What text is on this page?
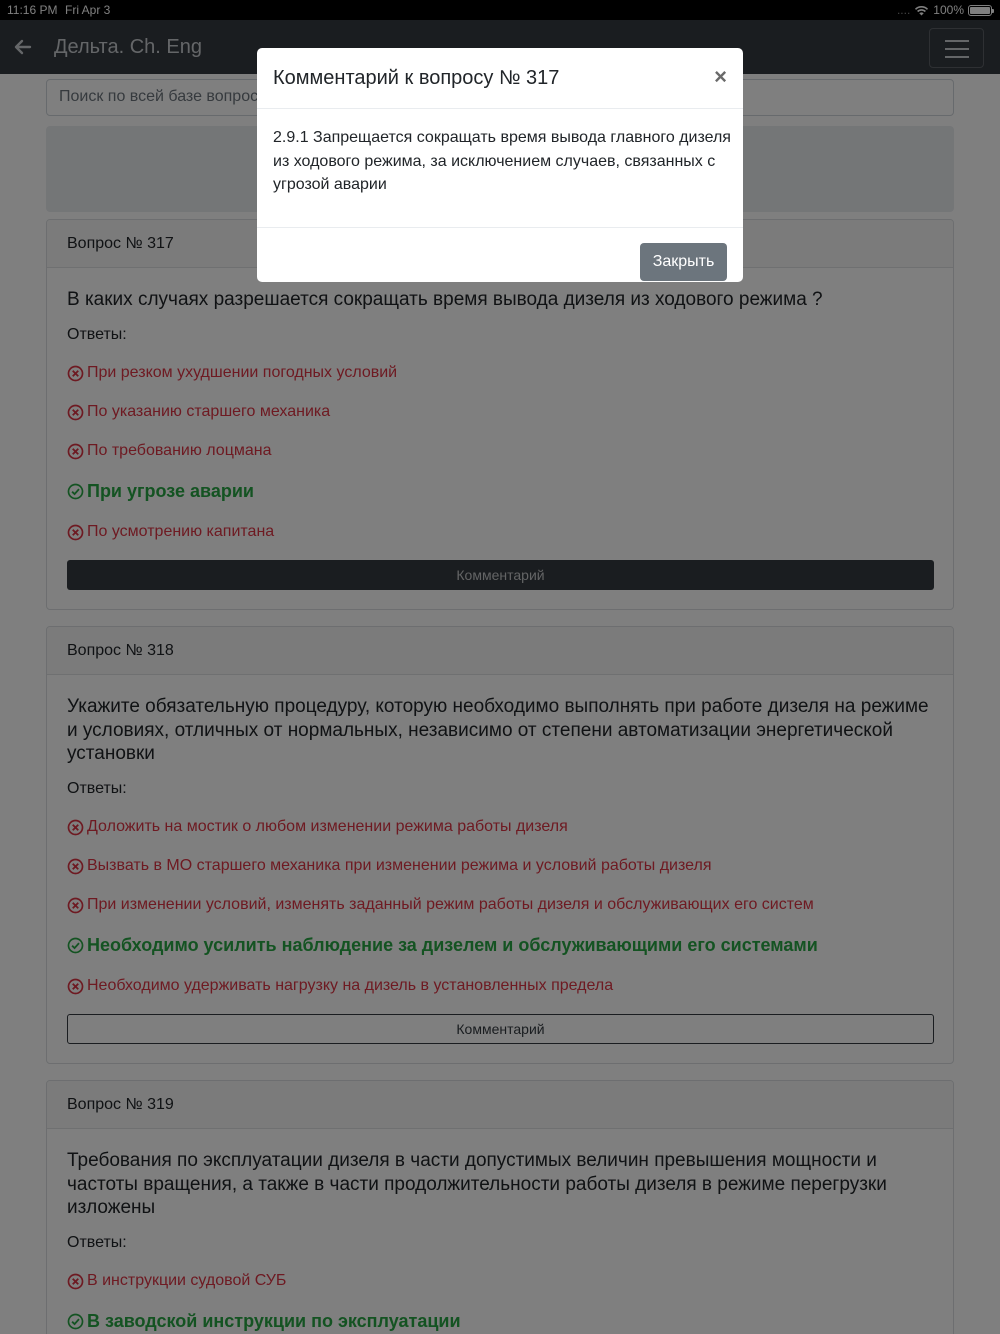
Комментарий к вопросу № 317	×
2.9.1 Запрещается сокращать время вывода главного дизеля из ходового режима, за исключением случаев, связанных с угрозой аварии
Закрыть
